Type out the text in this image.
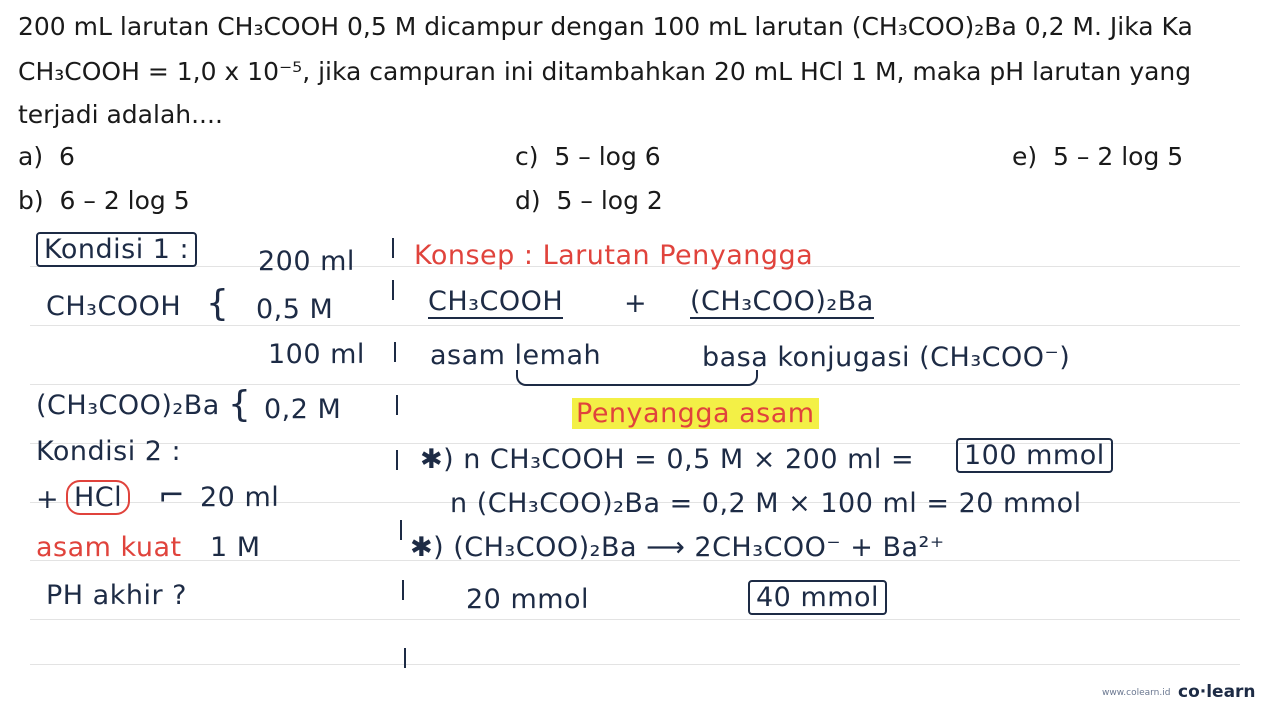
200 mL larutan CH₃COOH 0,5 M dicampur dengan 100 mL larutan (CH₃COO)₂Ba 0,2 M. Jika Ka
CH₃COOH = 1,0 x 10⁻⁵, jika campuran ini ditambahkan 20 mL HCl 1 M, maka pH larutan yang
terjadi adalah....
a) 6
b) 6 – 2 log 5
c) 5 – log 6
d) 5 – log 2
e) 5 – 2 log 5
Kondisi 1 :	200 ml
CH₃COOH { 0,5 M
100 ml
(CH₃COO)₂Ba { 0,2 M
Kondisi 2 :
+ HCl ⌐ 20 ml
asam kuat 1 M
PH akhir ?
Konsep : Larutan Penyangga
CH₃COOH + (CH₃COO)₂Ba
asam lemah	basa konjugasi (CH₃COO⁻)
Penyangga asam
✱) n CH₃COOH = 0,5 M × 200 ml = 100 mmol
n (CH₃COO)₂Ba = 0,2 M × 100 ml = 20 mmol
✱) (CH₃COO)₂Ba ⟶ 2CH₃COO⁻ + Ba²⁺
20 mmol	40 mmol
www.colearn.id co·learn
